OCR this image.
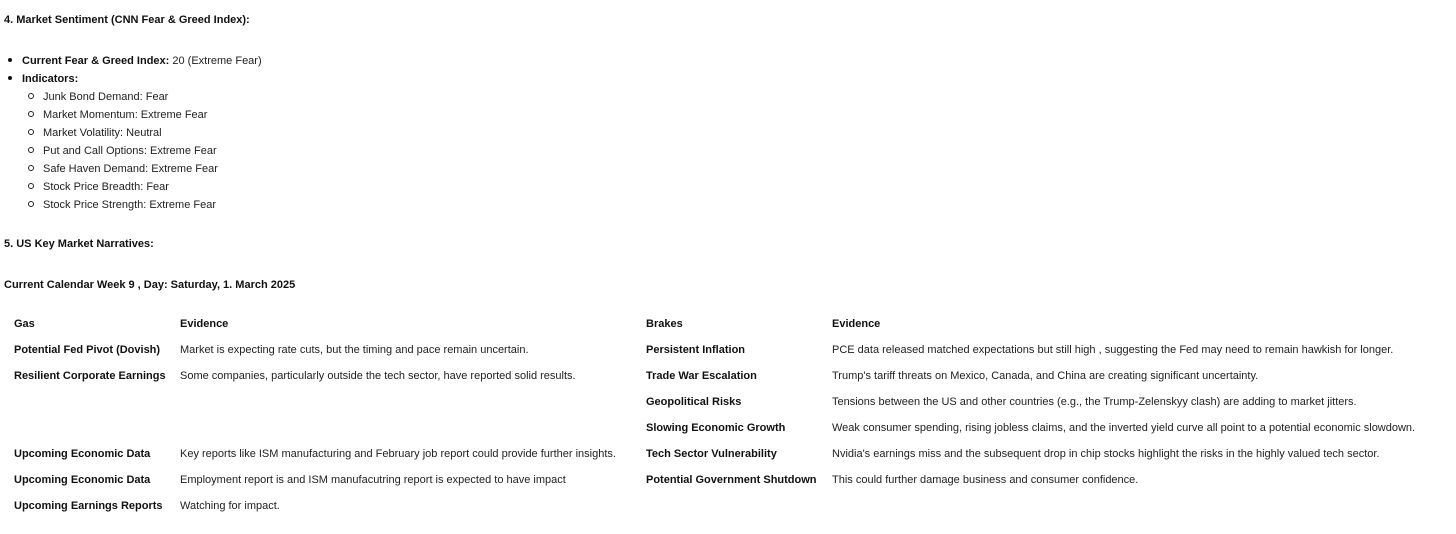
4. Market Sentiment (CNN Fear & Greed Index):
Current Fear & Greed Index: 20 (Extreme Fear)
Indicators:
Junk Bond Demand: Fear
Market Momentum: Extreme Fear
Market Volatility: Neutral
Put and Call Options: Extreme Fear
Safe Haven Demand: Extreme Fear
Stock Price Breadth: Fear
Stock Price Strength: Extreme Fear
5. US Key Market Narratives:
Current Calendar Week 9 , Day: Saturday, 1. March 2025
Gas	Evidence	Brakes	Evidence
Potential Fed Pivot (Dovish)	Market is expecting rate cuts, but the timing and pace remain uncertain.	Persistent Inflation	PCE data released matched expectations but still high , suggesting the Fed may need to remain hawkish for longer.
Resilient Corporate Earnings	Some companies, particularly outside the tech sector, have reported solid results.	Trade War Escalation	Trump's tariff threats on Mexico, Canada, and China are creating significant uncertainty.
		Geopolitical Risks	Tensions between the US and other countries (e.g., the Trump-Zelenskyy clash) are adding to market jitters.
		Slowing Economic Growth	Weak consumer spending, rising jobless claims, and the inverted yield curve all point to a potential economic slowdown.
Upcoming Economic Data	Key reports like ISM manufacturing and February job report could provide further insights.	Tech Sector Vulnerability	Nvidia's earnings miss and the subsequent drop in chip stocks highlight the risks in the highly valued tech sector.
Upcoming Economic Data	Employment report is and ISM manufacutring report is expected to have impact	Potential Government Shutdown	This could further damage business and consumer confidence.
Upcoming Earnings Reports	Watching for impact.		
